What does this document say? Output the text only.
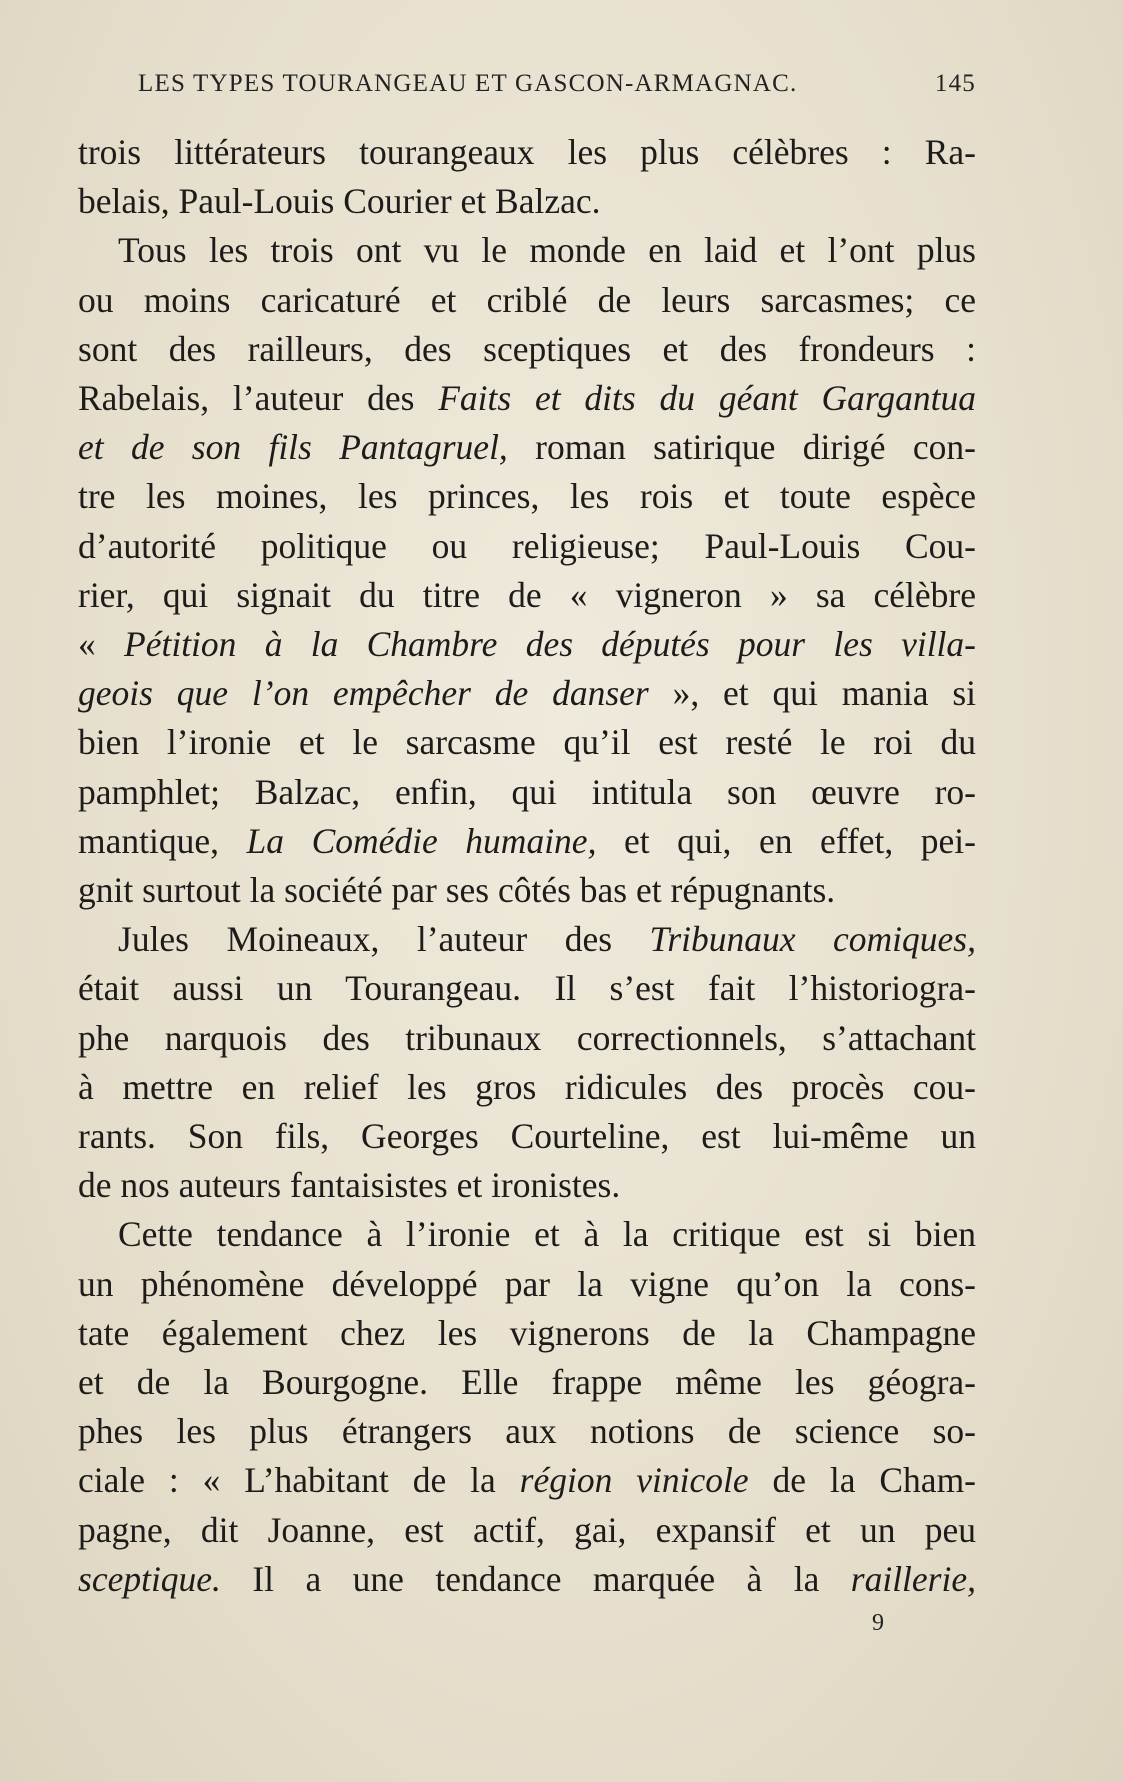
LES TYPES TOURANGEAU ET GASCON-ARMAGNAC.	145
trois littérateurs tourangeaux les plus célèbres : Ra-
belais, Paul-Louis Courier et Balzac.
Tous les trois ont vu le monde en laid et l’ont plus
ou moins caricaturé et criblé de leurs sarcasmes; ce
sont des railleurs, des sceptiques et des frondeurs :
Rabelais, l’auteur des Faits et dits du géant Gargantua
et de son fils Pantagruel, roman satirique dirigé con-
tre les moines, les princes, les rois et toute espèce
d’autorité politique ou religieuse; Paul-Louis Cou-
rier, qui signait du titre de « vigneron » sa célèbre
« Pétition à la Chambre des députés pour les villa-
geois que l’on empêcher de danser », et qui mania si
bien l’ironie et le sarcasme qu’il est resté le roi du
pamphlet; Balzac, enfin, qui intitula son œuvre ro-
mantique, La Comédie humaine, et qui, en effet, pei-
gnit surtout la société par ses côtés bas et répugnants.
Jules Moineaux, l’auteur des Tribunaux comiques,
était aussi un Tourangeau. Il s’est fait l’historiogra-
phe narquois des tribunaux correctionnels, s’attachant
à mettre en relief les gros ridicules des procès cou-
rants. Son fils, Georges Courteline, est lui-même un
de nos auteurs fantaisistes et ironistes.
Cette tendance à l’ironie et à la critique est si bien
un phénomène développé par la vigne qu’on la cons-
tate également chez les vignerons de la Champagne
et de la Bourgogne. Elle frappe même les géogra-
phes les plus étrangers aux notions de science so-
ciale : « L’habitant de la région vinicole de la Cham-
pagne, dit Joanne, est actif, gai, expansif et un peu
sceptique. Il a une tendance marquée à la raillerie,
9
